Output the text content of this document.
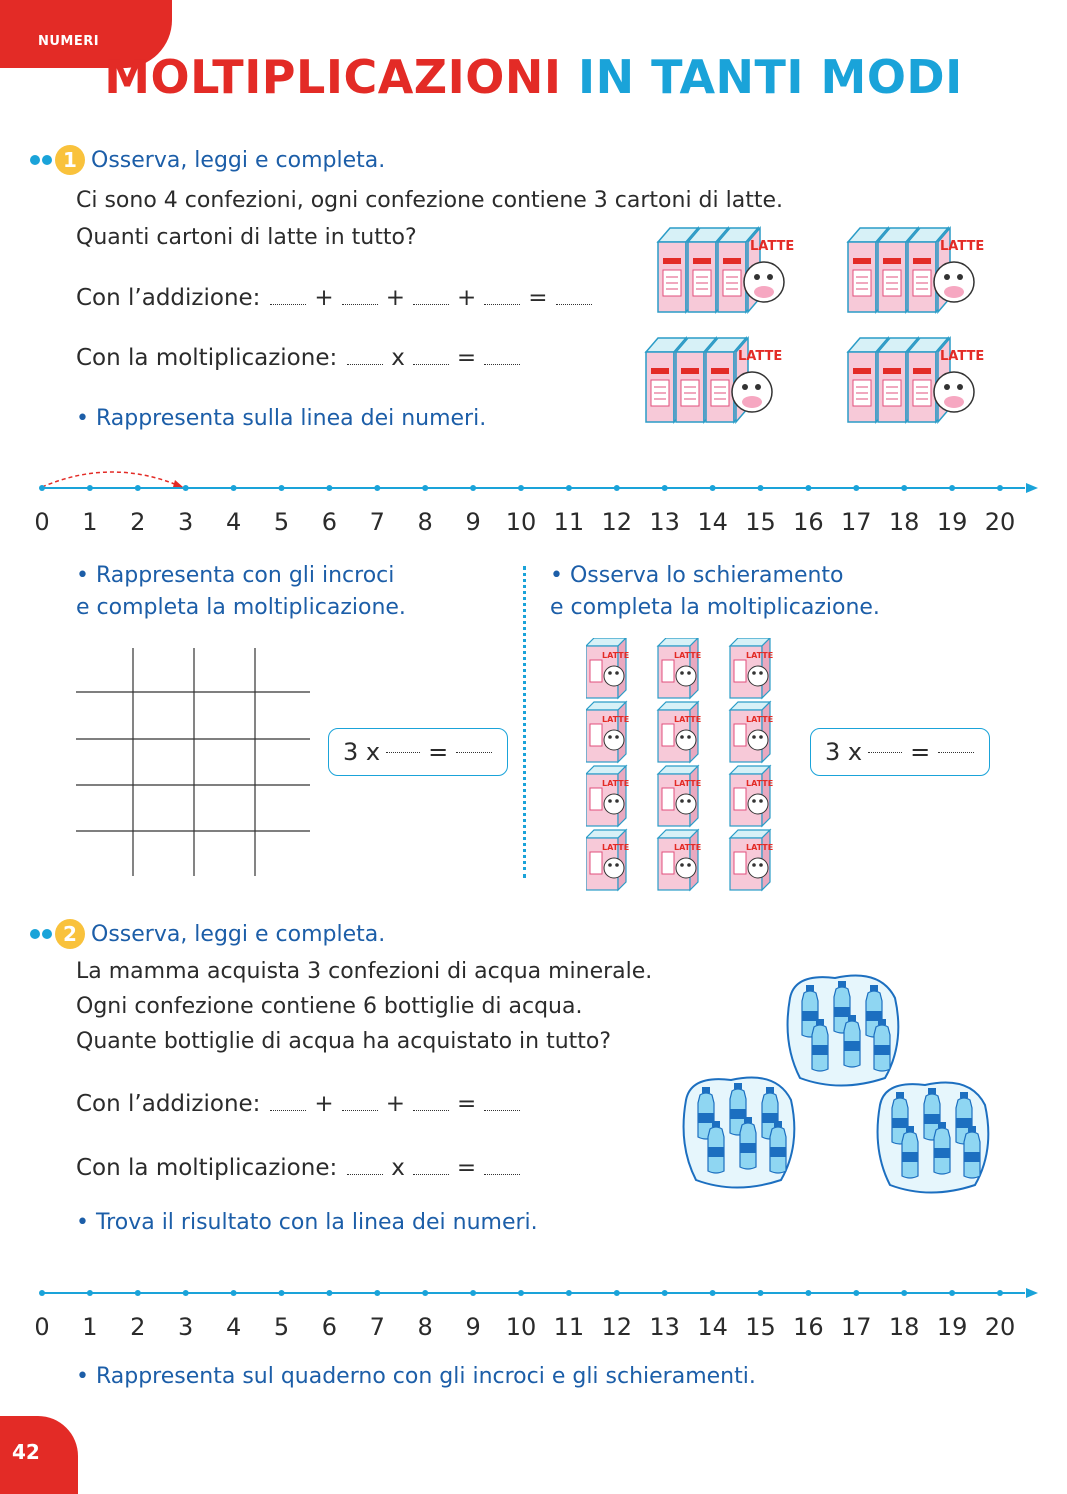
NUMERI
MOLTIPLICAZIONI IN TANTI MODI
1 Osserva, leggi e completa.
Ci sono 4 confezioni, ogni confezione contiene 3 cartoni di latte.
Quanti cartoni di latte in tutto?
Con l’addizione: + + + =
Con la moltiplicazione: x =
• Rappresenta sulla linea dei numeri.
0 1 2 3 4 5 6 7 8 9 10 11 12 13 14 15 16 17 18 19 20
• Rappresenta con gli incroci
e completa la moltiplicazione.
3 x =
• Osserva lo schieramento
e completa la moltiplicazione.
3 x =
2 Osserva, leggi e completa.
La mamma acquista 3 confezioni di acqua minerale.
Ogni confezione contiene 6 bottiglie di acqua.
Quante bottiglie di acqua ha acquistato in tutto?
Con l’addizione: + + =
Con la moltiplicazione: x =
• Trova il risultato con la linea dei numeri.
0 1 2 3 4 5 6 7 8 9 10 11 12 13 14 15 16 17 18 19 20
• Rappresenta sul quaderno con gli incroci e gli schieramenti.
42
